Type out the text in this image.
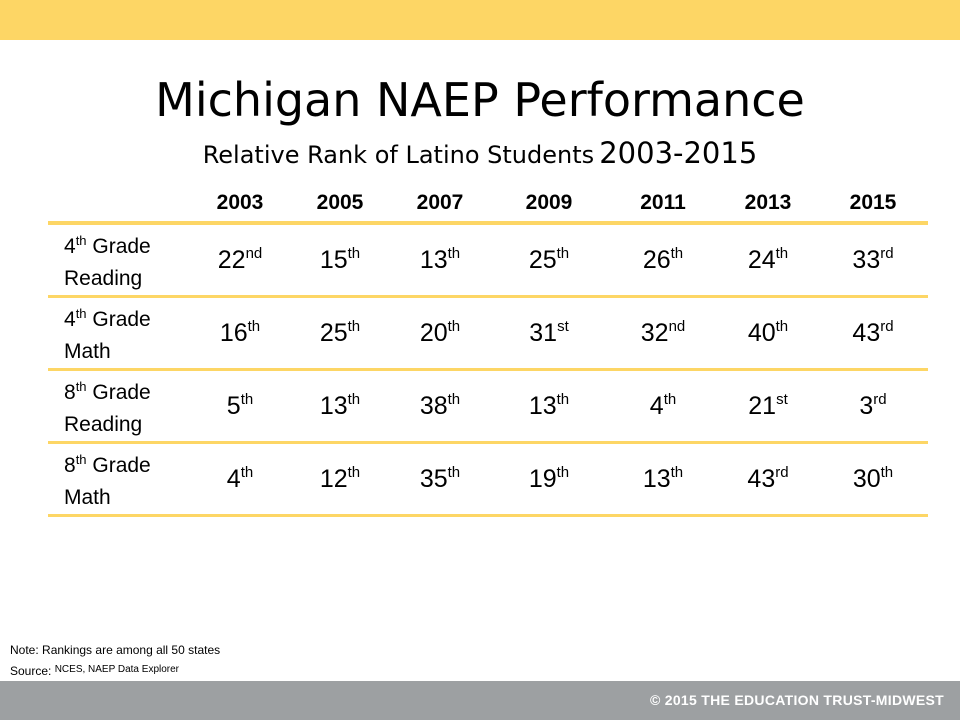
Michigan NAEP Performance
Relative Rank of Latino Students 2003-2015
	2003	2005	2007	2009	2011	2013	2015

4th Grade
Reading	22nd	15th	13th	25th	26th	24th	33rd

4th Grade
Math	16th	25th	20th	31st	32nd	40th	43rd

8th Grade
Reading	5th	13th	38th	13th	4th	21st	3rd

8th Grade
Math	4th	12th	35th	19th	13th	43rd	30th
Note: Rankings are among all 50 states
Source: $^{NCES, NAEP Data Explorer}$
© 2015 THE EDUCATION TRUST-MIDWEST
